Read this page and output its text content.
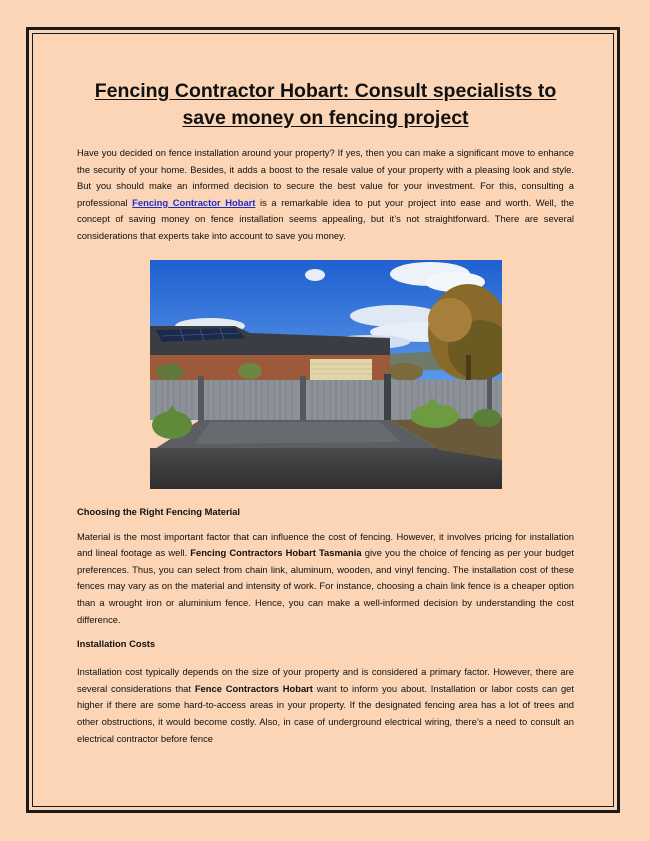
Fencing Contractor Hobart: Consult specialists to save money on fencing project

Have you decided on fence installation around your property? If yes, then you can make a significant move to enhance the security of your home. Besides, it adds a boost to the resale value of your property with a pleasing look and style. But you should make an informed decision to secure the best value for your investment. For this, consulting a professional Fencing Contractor Hobart is a remarkable idea to put your project into ease and worth. Well, the concept of saving money on fence installation seems appealing, but it’s not straightforward. There are several considerations that experts take into account to save you money.

Choosing the Right Fencing Material

Material is the most important factor that can influence the cost of fencing. However, it involves pricing for installation and lineal footage as well. Fencing Contractors Hobart Tasmania give you the choice of fencing as per your budget preferences. Thus, you can select from chain link, aluminum, wooden, and vinyl fencing. The installation cost of these fences may vary as on the material and intensity of work. For instance, choosing a chain link fence is a cheaper option than a wrought iron or aluminium fence. Hence, you can make a well-informed decision by understanding the cost difference.

Installation Costs

Installation cost typically depends on the size of your property and is considered a primary factor. However, there are several considerations that Fence Contractors Hobart want to inform you about. Installation or labor costs can get higher if there are some hard-to-access areas in your property. If the designated fencing area has a lot of trees and other obstructions, it would become costly. Also, in case of underground electrical wiring, there’s a need to consult an electrical contractor before fence
